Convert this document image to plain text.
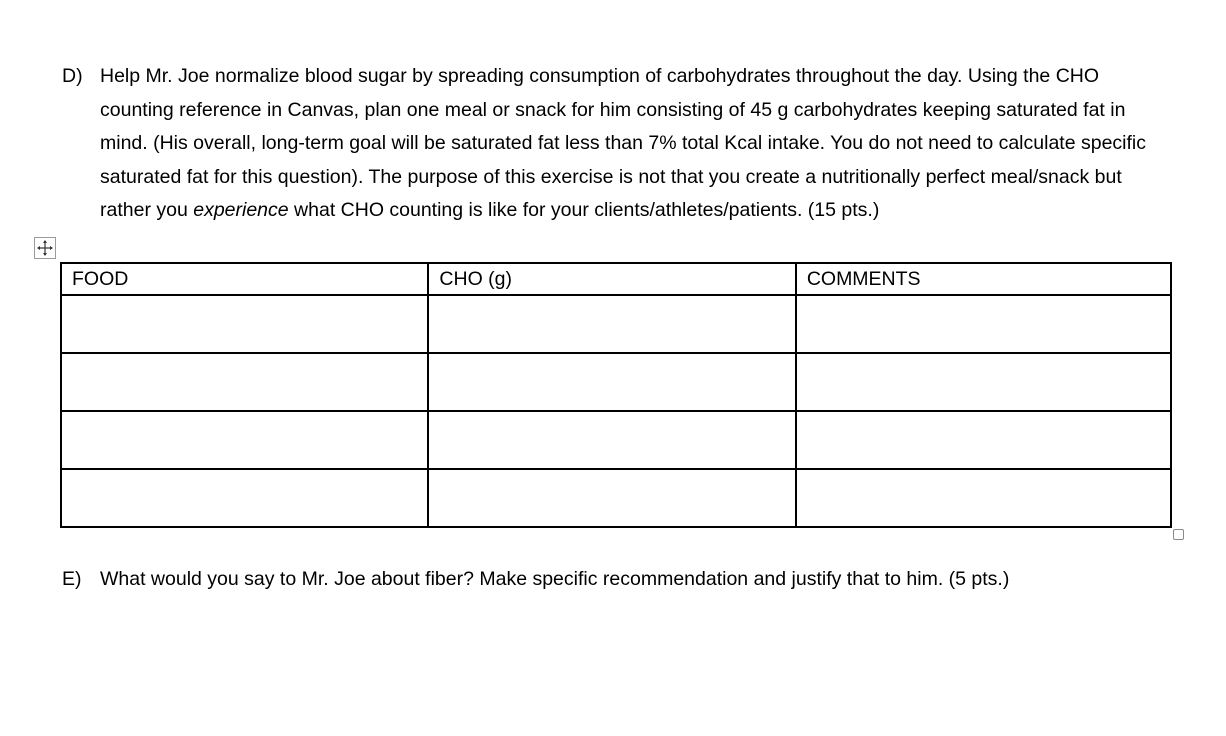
D) Help Mr. Joe normalize blood sugar by spreading consumption of carbohydrates throughout the day. Using the CHO counting reference in Canvas, plan one meal or snack for him consisting of 45 g carbohydrates keeping saturated fat in mind. (His overall, long-term goal will be saturated fat less than 7% total Kcal intake. You do not need to calculate specific saturated fat for this question). The purpose of this exercise is not that you create a nutritionally perfect meal/snack but rather you experience what CHO counting is like for your clients/athletes/patients. (15 pts.)
FOOD	CHO (g)	COMMENTS

E) What would you say to Mr. Joe about fiber? Make specific recommendation and justify that to him. (5 pts.)
